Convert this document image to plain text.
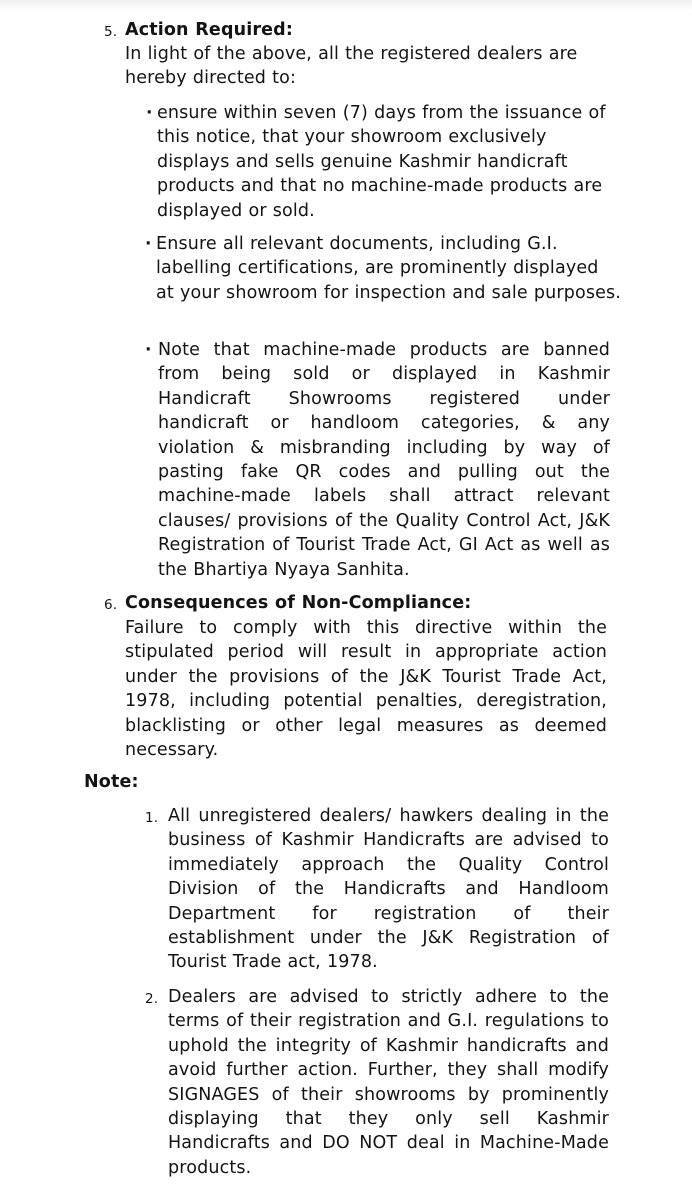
5. Action Required:
In light of the above, all the registered dealers are hereby directed to:
· ensure within seven (7) days from the issuance of this notice, that your showroom exclusively displays and sells genuine Kashmir handicraft products and that no machine-made products are displayed or sold.
· Ensure all relevant documents, including G.I. labelling certifications, are prominently displayed at your showroom for inspection and sale purposes.
· Note that machine-made products are banned from being sold or displayed in Kashmir Handicraft Showrooms registered under handicraft or handloom categories, & any violation & misbranding including by way of pasting fake QR codes and pulling out the machine-made labels shall attract relevant clauses/ provisions of the Quality Control Act, J&K Registration of Tourist Trade Act, GI Act as well as the Bhartiya Nyaya Sanhita.
6. Consequences of Non-Compliance:
Failure to comply with this directive within the stipulated period will result in appropriate action under the provisions of the J&K Tourist Trade Act, 1978, including potential penalties, deregistration, blacklisting or other legal measures as deemed necessary.
Note:
1. All unregistered dealers/ hawkers dealing in the business of Kashmir Handicrafts are advised to immediately approach the Quality Control Division of the Handicrafts and Handloom Department for registration of their establishment under the J&K Registration of Tourist Trade act, 1978.
2. Dealers are advised to strictly adhere to the terms of their registration and G.I. regulations to uphold the integrity of Kashmir handicrafts and avoid further action. Further, they shall modify SIGNAGES of their showrooms by prominently displaying that they only sell Kashmir Handicrafts and DO NOT deal in Machine-Made products.
